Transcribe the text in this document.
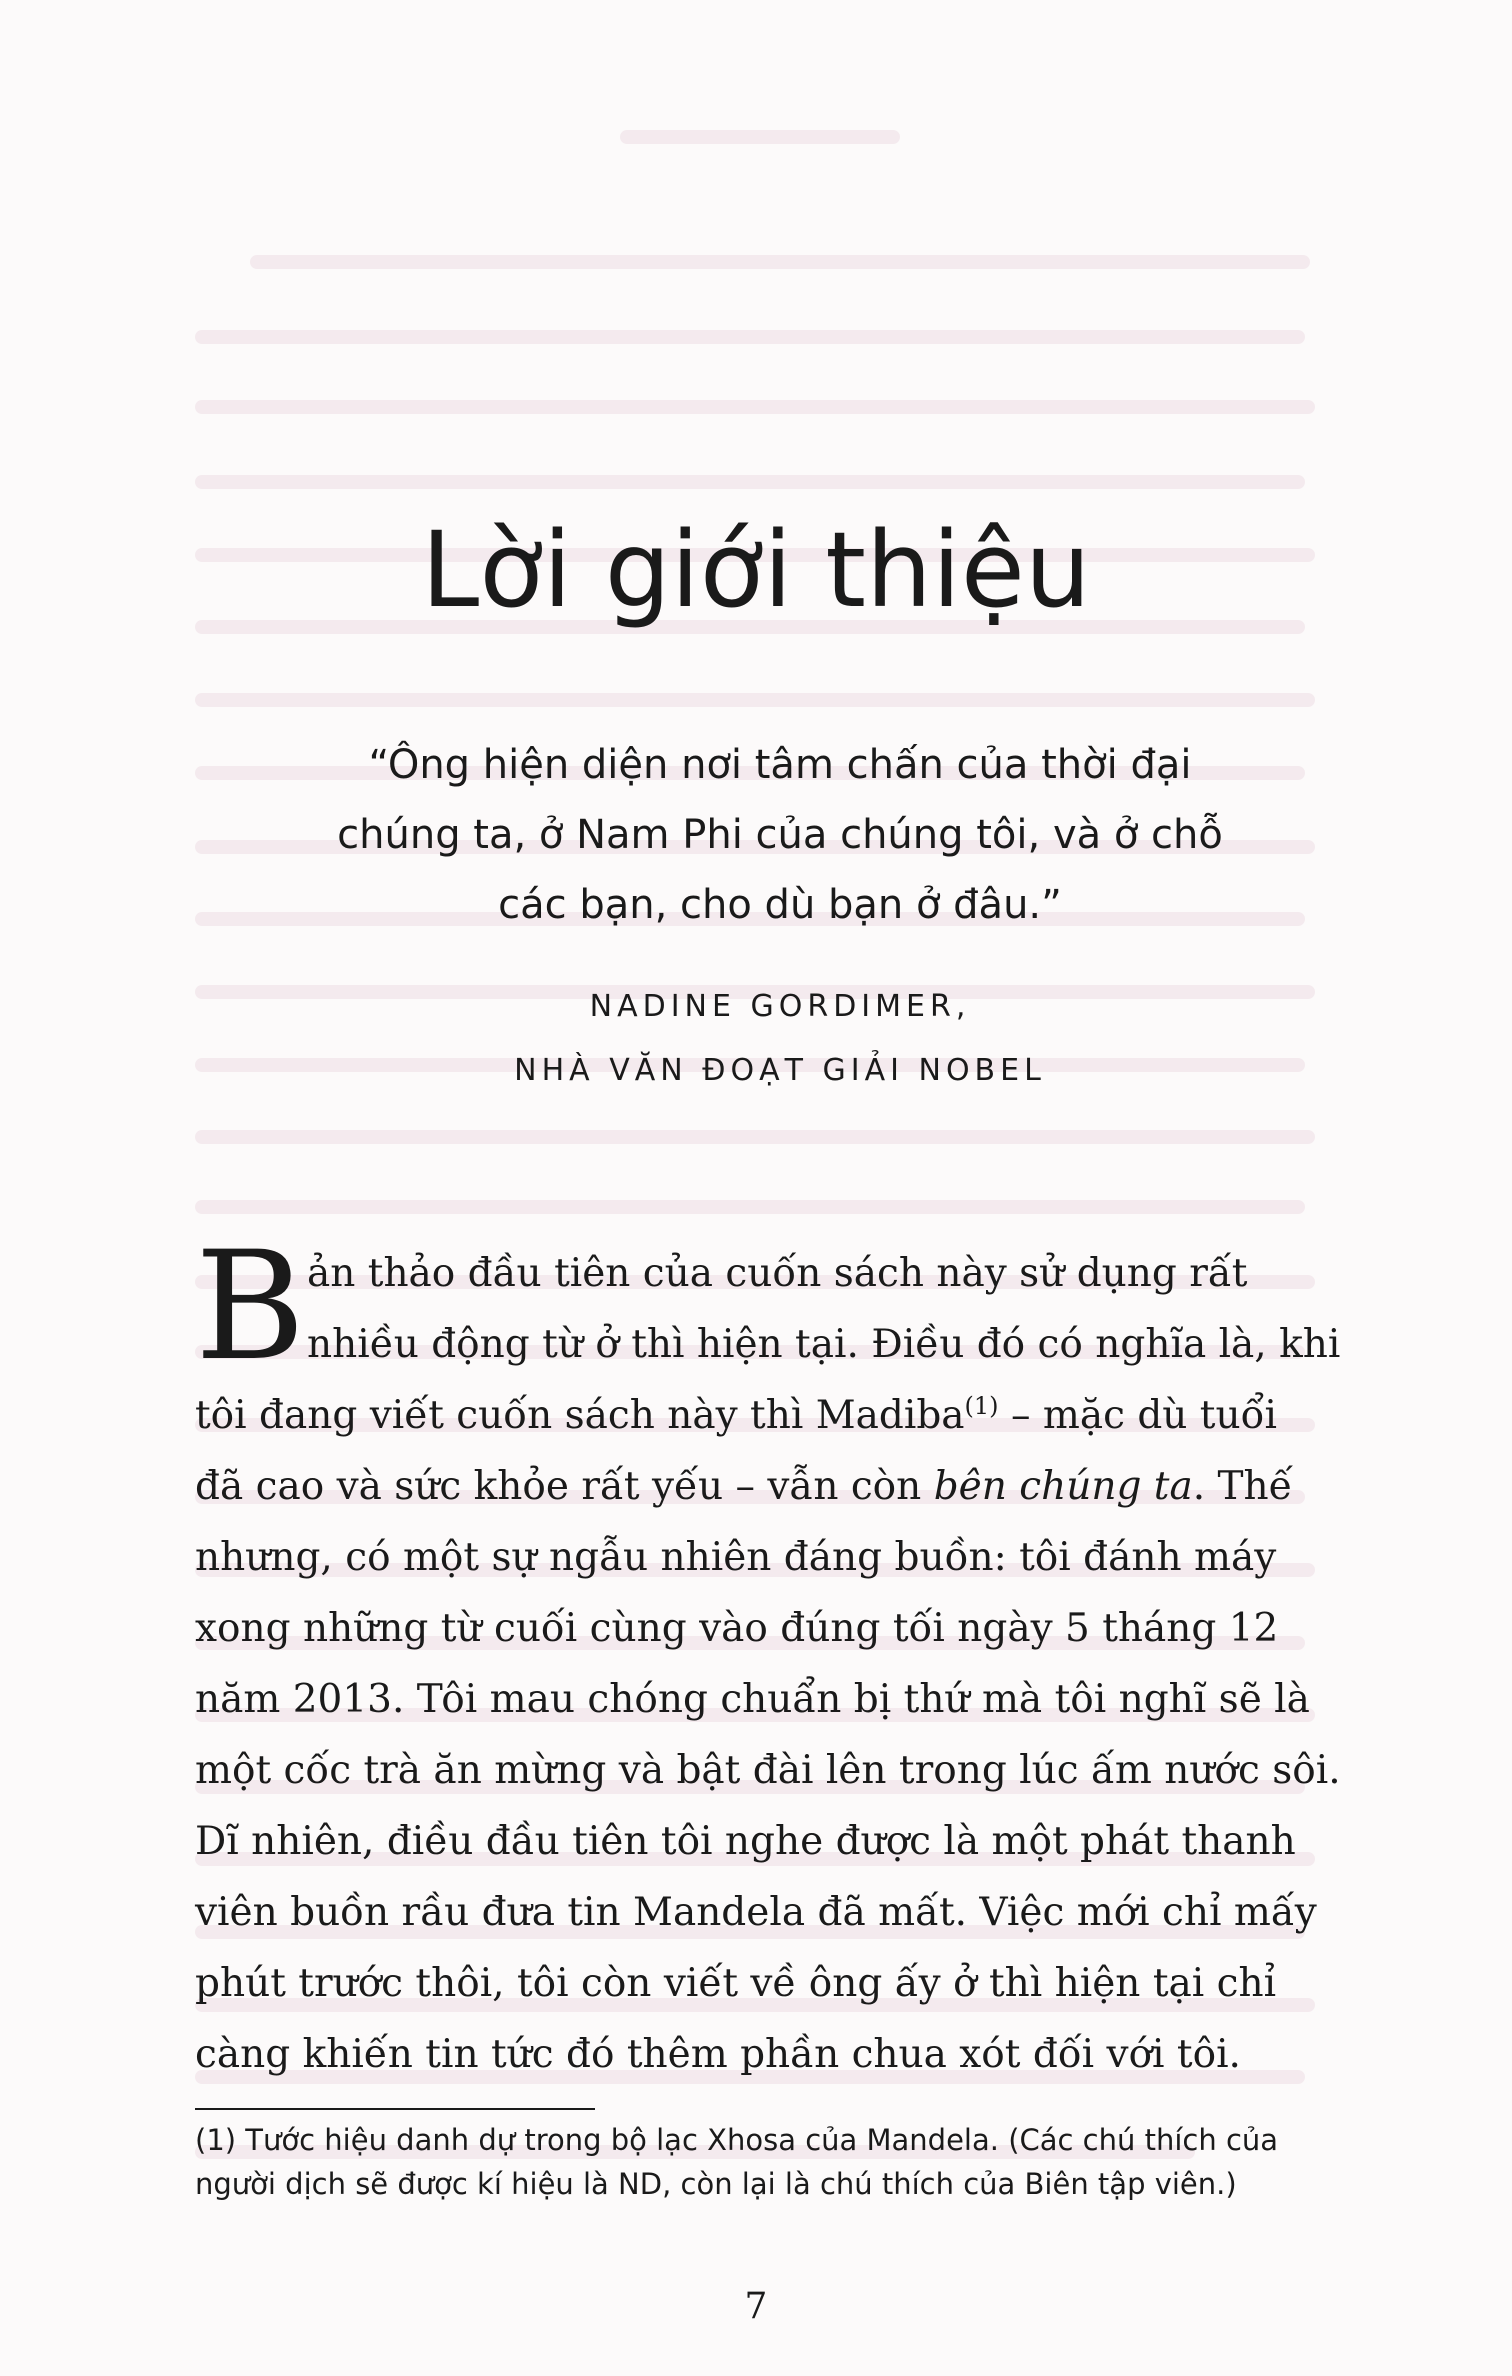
Lời giới thiệu
“Ông hiện diện nơi tâm chấn của thời đại
chúng ta, ở Nam Phi của chúng tôi, và ở chỗ
các bạn, cho dù bạn ở đâu.”
NADINE GORDIMER,
NHÀ VĂN ĐOẠT GIẢI NOBEL
B ản thảo đầu tiên của cuốn sách này sử dụng rất
nhiều động từ ở thì hiện tại. Điều đó có nghĩa là, khi
tôi đang viết cuốn sách này thì Madiba$^{(1)}$ – mặc dù tuổi
đã cao và sức khỏe rất yếu – vẫn còn bên chúng ta. Thế
nhưng, có một sự ngẫu nhiên đáng buồn: tôi đánh máy
xong những từ cuối cùng vào đúng tối ngày 5 tháng 12
năm 2013. Tôi mau chóng chuẩn bị thứ mà tôi nghĩ sẽ là
một cốc trà ăn mừng và bật đài lên trong lúc ấm nước sôi.
Dĩ nhiên, điều đầu tiên tôi nghe được là một phát thanh
viên buồn rầu đưa tin Mandela đã mất. Việc mới chỉ mấy
phút trước thôi, tôi còn viết về ông ấy ở thì hiện tại chỉ
càng khiến tin tức đó thêm phần chua xót đối với tôi.
(1) Tước hiệu danh dự trong bộ lạc Xhosa của Mandela. (Các chú thích của
người dịch sẽ được kí hiệu là ND, còn lại là chú thích của Biên tập viên.)
7
